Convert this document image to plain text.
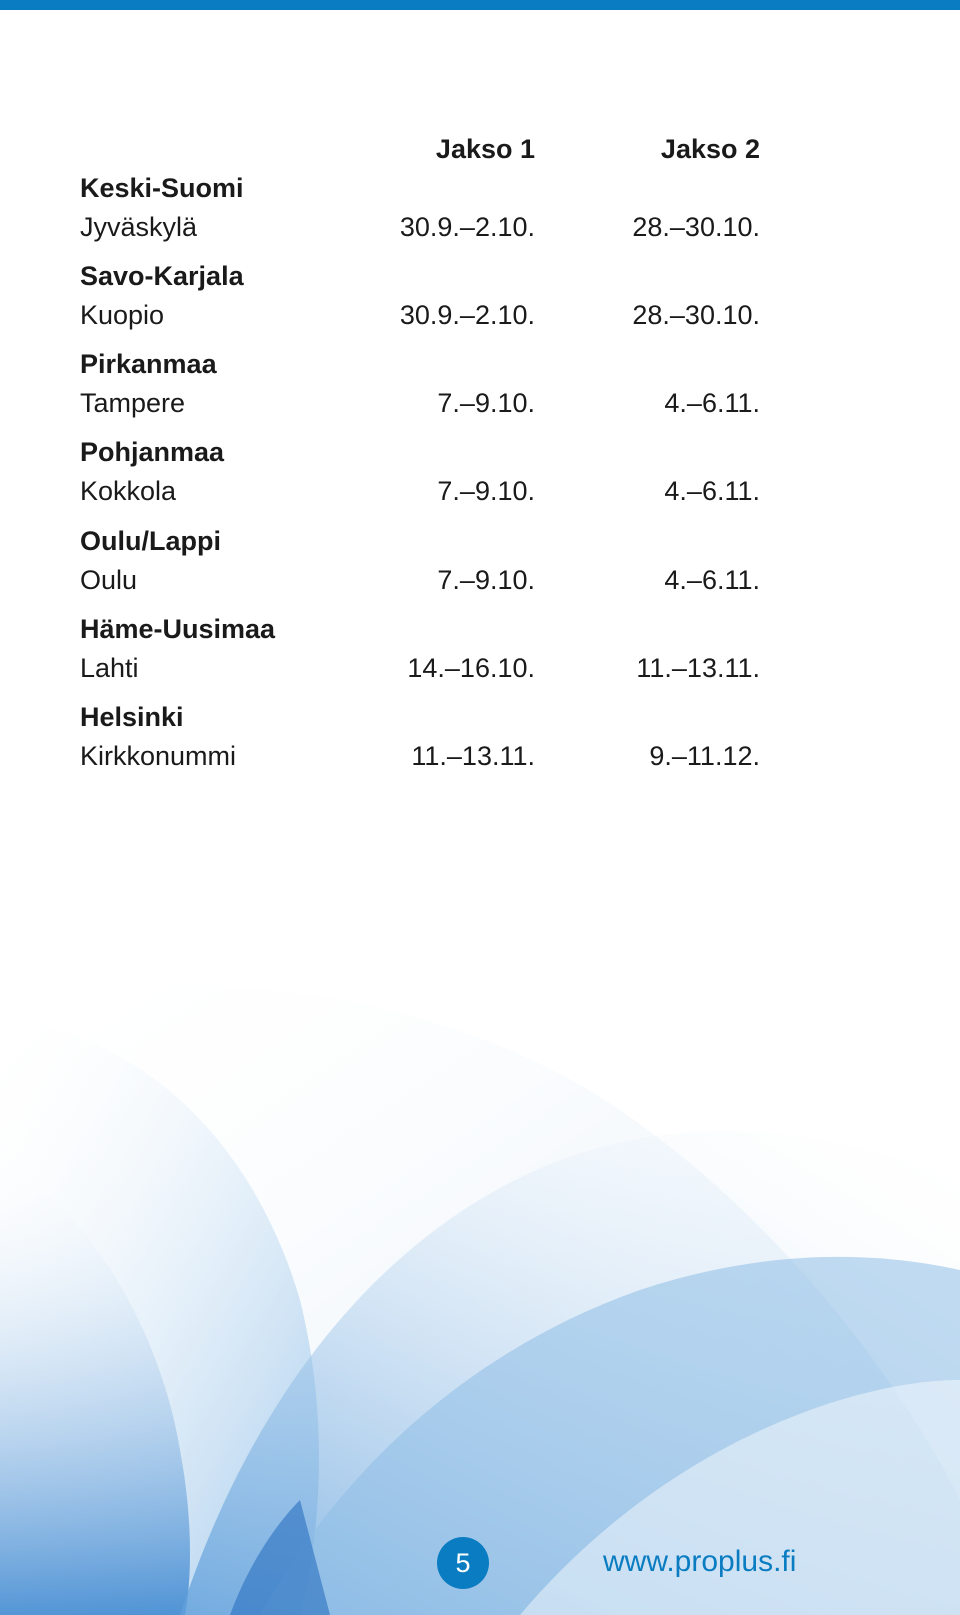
Jakso 1	Jakso 2
Keski-Suomi
Jyväskylä	30.9.–2.10.	28.–30.10.
Savo-Karjala
Kuopio	30.9.–2.10.	28.–30.10.
Pirkanmaa
Tampere	7.–9.10.	4.–6.11.
Pohjanmaa
Kokkola	7.–9.10.	4.–6.11.
Oulu/Lappi
Oulu	7.–9.10.	4.–6.11.
Häme-Uusimaa
Lahti	14.–16.10.	11.–13.11.
Helsinki
Kirkkonummi	11.–13.11.	9.–11.12.
5	www.proplus.fi
